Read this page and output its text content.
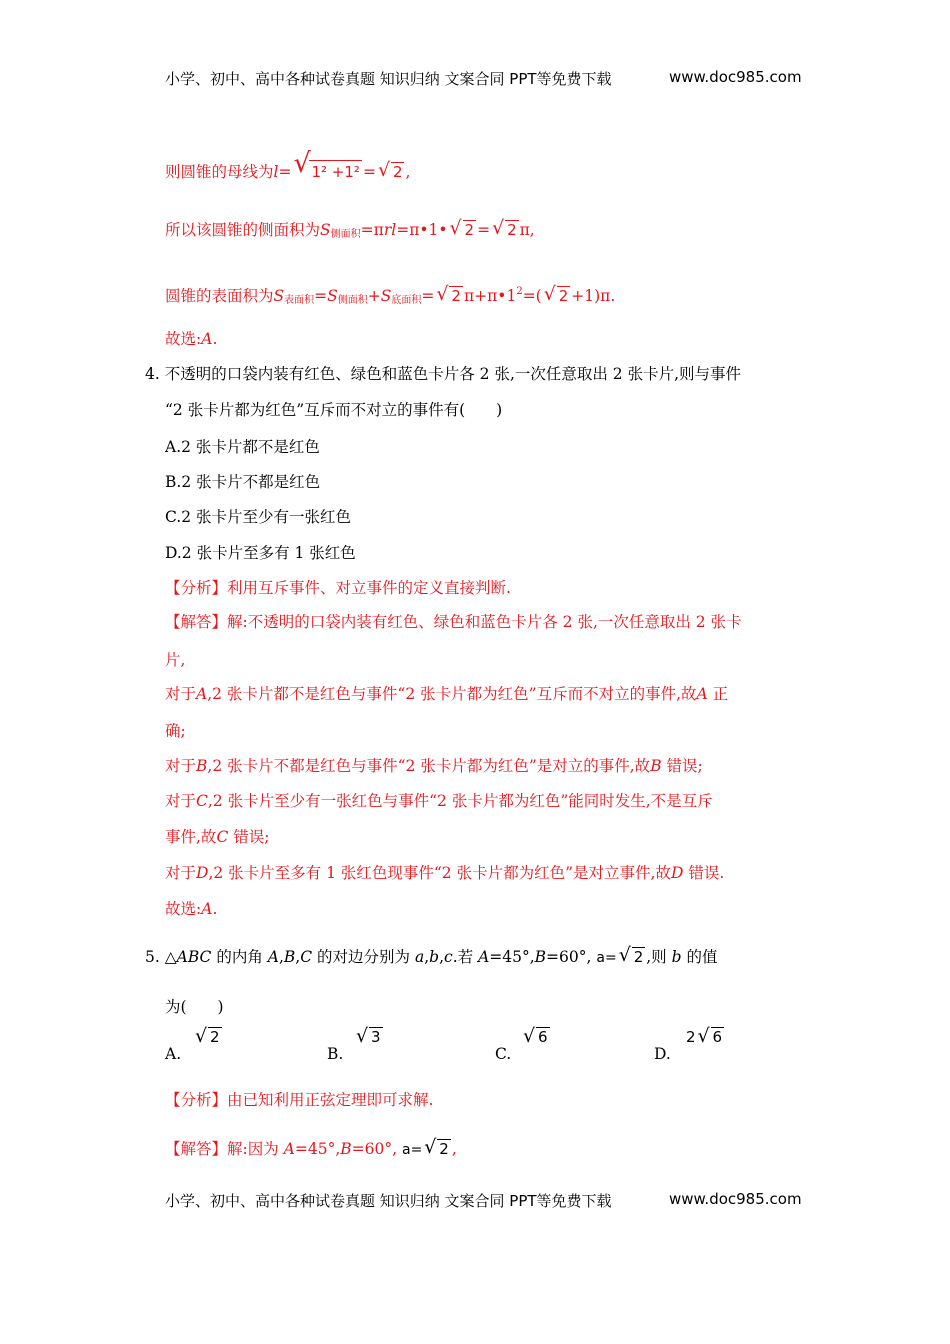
小学、初中、高中各种试卷真题 知识归纳 文案合同 PPT等免费下载	www.doc985.com
则圆锥的母线为l=√ 1² +1² =√ 2 ,
所以该圆锥的侧面积为$S_{侧面积}=\pi rl=\pi•1•√$ 2 =√ 2 π,
圆锥的表面积为$S_{表面积}=S_{侧面积}+S_{底面积}=√$ 2 $\pi+\pi•1^2=(√$ 2 +1)π.
故选:A.
4. 不透明的口袋内装有红色、绿色和蓝色卡片各 2 张,一次任意取出 2 张卡片,则与事件
“2 张卡片都为红色”互斥而不对立的事件有(　　)
A.2 张卡片都不是红色
B.2 张卡片不都是红色
C.2 张卡片至少有一张红色
D.2 张卡片至多有 1 张红色
【分析】利用互斥事件、对立事件的定义直接判断.
【解答】解:不透明的口袋内装有红色、绿色和蓝色卡片各 2 张,一次任意取出 2 张卡
片,
对于A,2 张卡片都不是红色与事件“2 张卡片都为红色”互斥而不对立的事件,故A 正
确;
对于B,2 张卡片不都是红色与事件“2 张卡片都为红色”是对立的事件,故B 错误;
对于C,2 张卡片至少有一张红色与事件“2 张卡片都为红色”能同时发生,不是互斥
事件,故C 错误;
对于D,2 张卡片至多有 1 张红色现事件“2 张卡片都为红色”是对立事件,故D 错误.
故选:A.
5. △ABC 的内角 A,B,C 的对边分别为 a,b,c.若 A=45°,B=60°, a=√ 2 ,则 b 的值
为(　　)
A.
√ 2
B.
√ 3
C.
√ 6
D.
2√ 6
【分析】由已知利用正弦定理即可求解.
【解答】解:因为 A=45°,B=60°, a=√ 2 ,
小学、初中、高中各种试卷真题 知识归纳 文案合同 PPT等免费下载	www.doc985.com
